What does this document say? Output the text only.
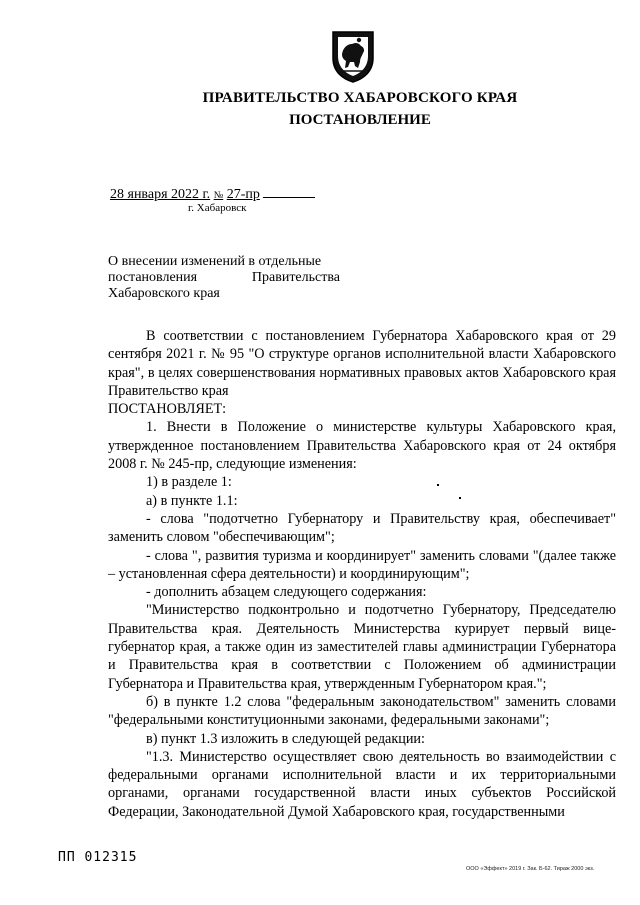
ПРАВИТЕЛЬСТВО ХАБАРОВСКОГО КРАЯ
ПОСТАНОВЛЕНИЕ
28 января 2022 г. № 27-пр
г. Хабаровск
О внесении изменений в отдельные
постановления	Правительства
Хабаровского края

В соответствии с постановлением Губернатора Хабаровского края от 29 сентября 2021 г. № 95 "О структуре органов исполнительной власти Хабаровского края", в целях совершенствования нормативных правовых актов Хабаровского края Правительство края

ПОСТАНОВЛЯЕТ:

1. Внести в Положение о министерстве культуры Хабаровского края, утвержденное постановлением Правительства Хабаровского края от 24 октября 2008 г. № 245-пр, следующие изменения:

1) в разделе 1:

а) в пункте 1.1:

- слова "подотчетно Губернатору и Правительству края, обеспечивает" заменить словом "обеспечивающим";

- слова ", развития туризма и координирует" заменить словами "(далее также – установленная сфера деятельности) и координирующим";

- дополнить абзацем следующего содержания:

"Министерство подконтрольно и подотчетно Губернатору, Председателю Правительства края. Деятельность Министерства курирует первый вице-губернатор края, а также один из заместителей главы администрации Губернатора и Правительства края в соответствии с Положением об администрации Губернатора и Правительства края, утвержденным Губернатором края.";

б) в пункте 1.2 слова "федеральным законодательством" заменить словами "федеральными конституционными законами, федеральными законами";

в) пункт 1.3 изложить в следующей редакции:

"1.3. Министерство осуществляет свою деятельность во взаимодействии с федеральными органами исполнительной власти и их территориальными органами, органами государственной власти иных субъектов Российской Федерации, Законодательной Думой Хабаровского края, государственными

ПП 012315
ООО «Эффект» 2019 г. Зак. Б-62. Тираж 2000 экз.
